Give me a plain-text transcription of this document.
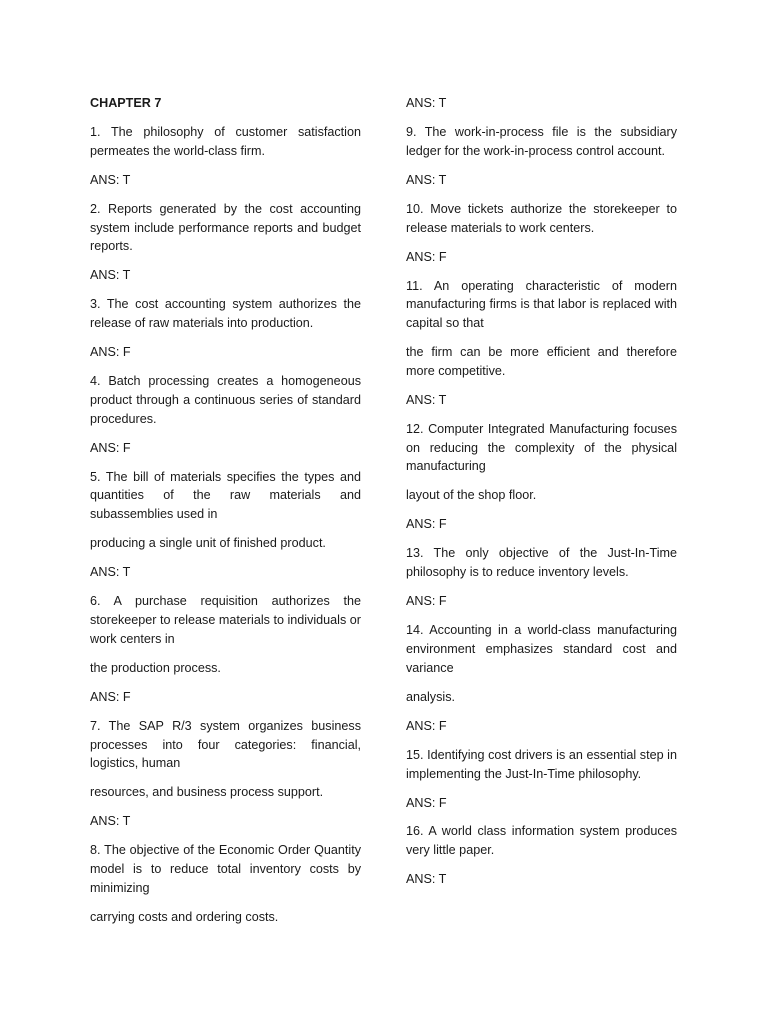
CHAPTER 7

1. The philosophy of customer satisfaction permeates the world-class firm.

ANS: T

2. Reports generated by the cost accounting system include performance reports and budget reports.

ANS: T

3. The cost accounting system authorizes the release of raw materials into production.

ANS: F

4. Batch processing creates a homogeneous product through a continuous series of standard procedures.

ANS: F

5. The bill of materials specifies the types and quantities of the raw materials and subassemblies used in

producing a single unit of finished product.

ANS: T

6. A purchase requisition authorizes the storekeeper to release materials to individuals or work centers in

the production process.

ANS: F

7. The SAP R/3 system organizes business processes into four categories: financial, logistics, human

resources, and business process support.

ANS: T

8. The objective of the Economic Order Quantity model is to reduce total inventory costs by minimizing

carrying costs and ordering costs.

ANS: T

9. The work-in-process file is the subsidiary ledger for the work-in-process control account.

ANS: T

10. Move tickets authorize the storekeeper to release materials to work centers.

ANS: F

11. An operating characteristic of modern manufacturing firms is that labor is replaced with capital so that

the firm can be more efficient and therefore more competitive.

ANS: T

12. Computer Integrated Manufacturing focuses on reducing the complexity of the physical manufacturing

layout of the shop floor.

ANS: F

13. The only objective of the Just-In-Time philosophy is to reduce inventory levels.

ANS: F

14. Accounting in a world-class manufacturing environment emphasizes standard cost and variance

analysis.

ANS: F

15. Identifying cost drivers is an essential step in implementing the Just-In-Time philosophy.

ANS: F

16. A world class information system produces very little paper.

ANS: T
